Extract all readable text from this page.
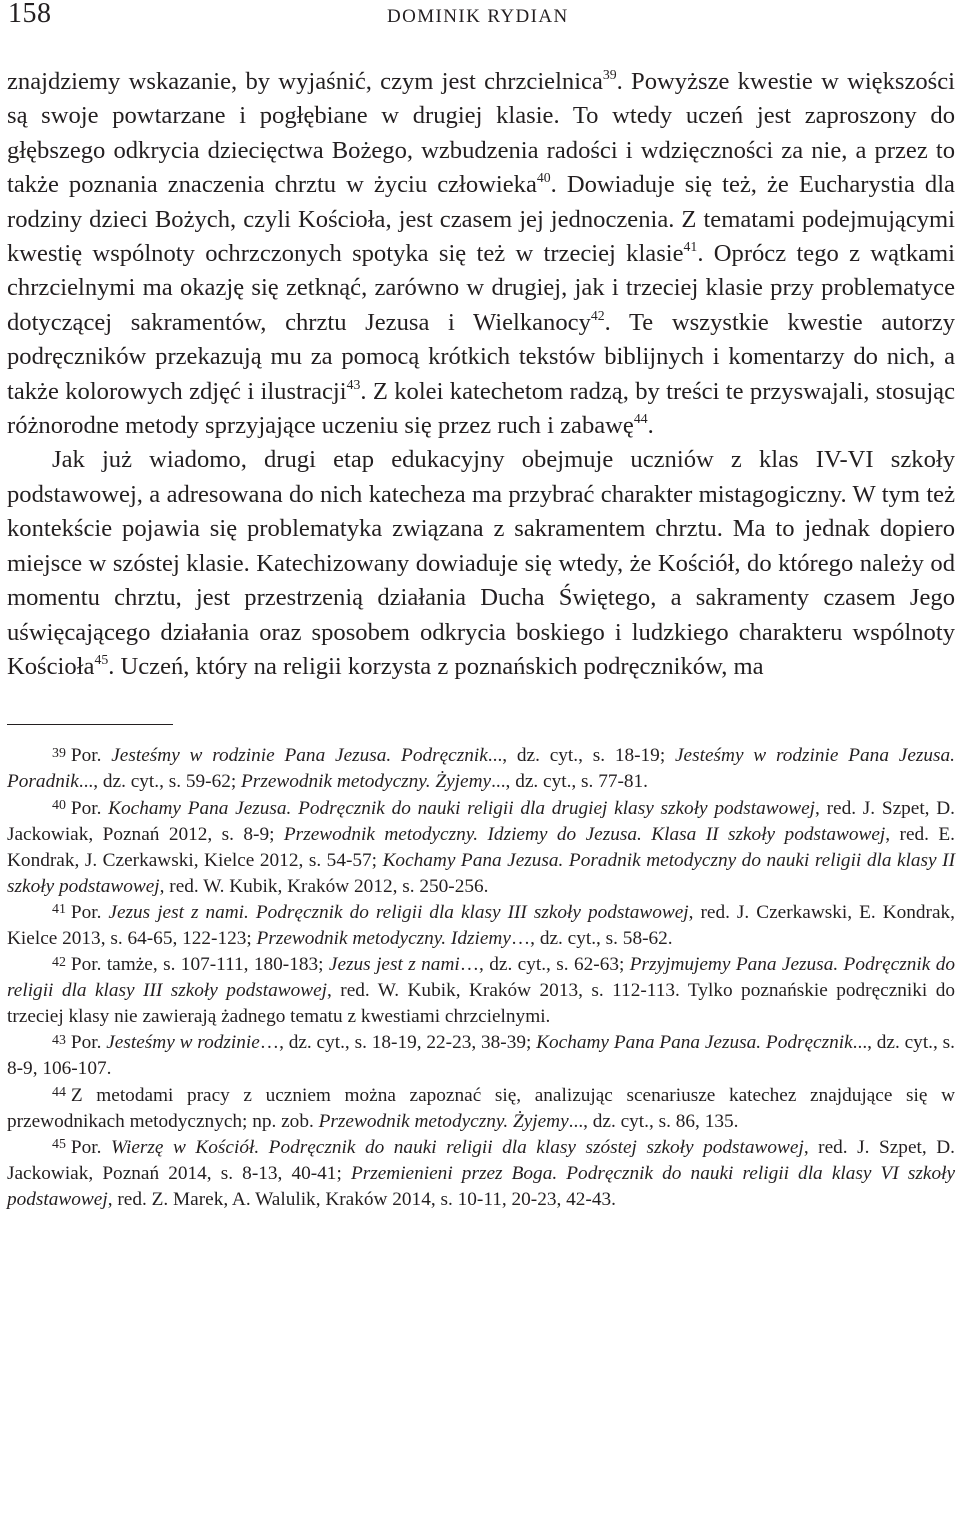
158	DOMINIK RYDIAN

znajdziemy wskazanie, by wyjaśnić, czym jest chrzcielnica$^{39}$. Powyższe kwestie w większości są swoje powtarzane i pogłębiane w drugiej klasie. To wtedy uczeń jest zaproszony do głębszego odkrycia dziecięctwa Bożego, wzbudzenia radości i wdzięczności za nie, a przez to także poznania znaczenia chrztu w życiu człowieka$^{40}$. Dowiaduje się też, że Eucharystia dla rodziny dzieci Bożych, czyli Kościoła, jest czasem jej jednoczenia. Z tematami podejmującymi kwestię wspólnoty ochrzczonych spotyka się też w trzeciej klasie$^{41}$. Oprócz tego z wątkami chrzcielnymi ma okazję się zetknąć, zarówno w drugiej, jak i trzeciej klasie przy problematyce dotyczącej sakramentów, chrztu Jezusa i Wielkanocy$^{42}$. Te wszystkie kwestie autorzy podręczników przekazują mu za pomocą krótkich tekstów biblijnych i komentarzy do nich, a także kolorowych zdjęć i ilustracji$^{43}$. Z kolei katechetom radzą, by treści te przyswajali, stosując różnorodne metody sprzyjające uczeniu się przez ruch i zabawę$^{44}$.

Jak już wiadomo, drugi etap edukacyjny obejmuje uczniów z klas IV-VI szkoły podstawowej, a adresowana do nich katecheza ma przybrać charakter mistagogiczny. W tym też kontekście pojawia się problematyka związana z sakramentem chrztu. Ma to jednak dopiero miejsce w szóstej klasie. Katechizowany dowiaduje się wtedy, że Kościół, do którego należy od momentu chrztu, jest przestrzenią działania Ducha Świętego, a sakramenty czasem Jego uświęcającego działania oraz sposobem odkrycia boskiego i ludzkiego charakteru wspólnoty Kościoła$^{45}$. Uczeń, który na religii korzysta z poznańskich podręczników, ma

$^{39}$ Por. Jesteśmy w rodzinie Pana Jezusa. Podręcznik..., dz. cyt., s. 18-19; Jesteśmy w rodzinie Pana Jezusa. Poradnik..., dz. cyt., s. 59-62; Przewodnik metodyczny. Żyjemy..., dz. cyt., s. 77-81.

$^{40}$ Por. Kochamy Pana Jezusa. Podręcznik do nauki religii dla drugiej klasy szkoły podstawowej, red. J. Szpet, D. Jackowiak, Poznań 2012, s. 8-9; Przewodnik metodyczny. Idziemy do Jezusa. Klasa II szkoły podstawowej, red. E. Kondrak, J. Czerkawski, Kielce 2012, s. 54-57; Kochamy Pana Jezusa. Poradnik metodyczny do nauki religii dla klasy II szkoły podstawowej, red. W. Kubik, Kraków 2012, s. 250-256.

$^{41}$ Por. Jezus jest z nami. Podręcznik do religii dla klasy III szkoły podstawowej, red. J. Czerkawski, E. Kondrak, Kielce 2013, s. 64-65, 122-123; Przewodnik metodyczny. Idziemy…, dz. cyt., s. 58-62.

$^{42}$ Por. tamże, s. 107-111, 180-183; Jezus jest z nami…, dz. cyt., s. 62-63; Przyjmujemy Pana Jezusa. Podręcznik do religii dla klasy III szkoły podstawowej, red. W. Kubik, Kraków 2013, s. 112-113. Tylko poznańskie podręczniki do trzeciej klasy nie zawierają żadnego tematu z kwestiami chrzcielnymi.

$^{43}$ Por. Jesteśmy w rodzinie…, dz. cyt., s. 18-19, 22-23, 38-39; Kochamy Pana Pana Jezusa. Podręcznik..., dz. cyt., s. 8-9, 106-107.

$^{44}$ Z metodami pracy z uczniem można zapoznać się, analizując scenariusze katechez znajdujące się w przewodnikach metodycznych; np. zob. Przewodnik metodyczny. Żyjemy..., dz. cyt., s. 86, 135.

$^{45}$ Por. Wierzę w Kościół. Podręcznik do nauki religii dla klasy szóstej szkoły podstawowej, red. J. Szpet, D. Jackowiak, Poznań 2014, s. 8-13, 40-41; Przemienieni przez Boga. Podręcznik do nauki religii dla klasy VI szkoły podstawowej, red. Z. Marek, A. Walulik, Kraków 2014, s. 10-11, 20-23, 42-43.
